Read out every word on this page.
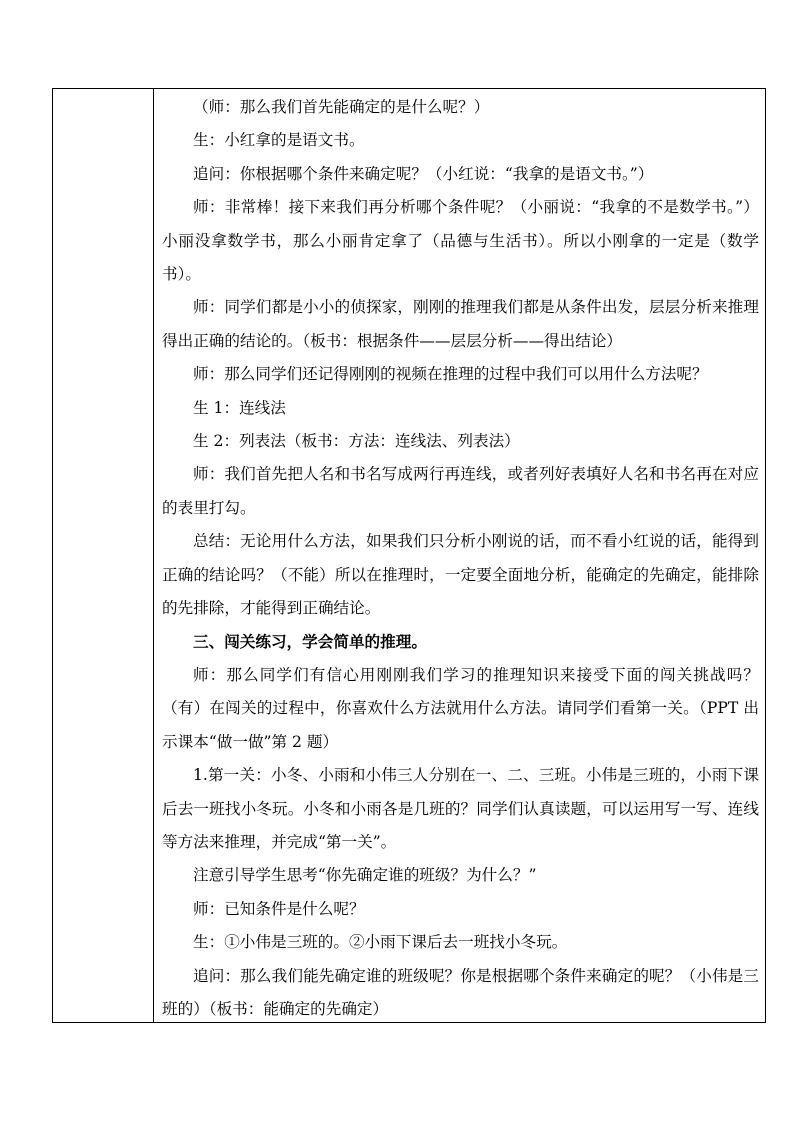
（师：那么我们首先能确定的是什么呢？）

生：小红拿的是语文书。

追问：你根据哪个条件来确定呢？（小红说：“我拿的是语文书。”）

师：非常棒！接下来我们再分析哪个条件呢？（小丽说：“我拿的不是数学书。”）小丽没拿数学书，那么小丽肯定拿了（品德与生活书）。所以小刚拿的一定是（数学书）。

师：同学们都是小小的侦探家，刚刚的推理我们都是从条件出发，层层分析来推理得出正确的结论的。（板书：根据条件——层层分析——得出结论）

师：那么同学们还记得刚刚的视频在推理的过程中我们可以用什么方法呢？

生 1：连线法

生 2：列表法（板书：方法：连线法、列表法）

师：我们首先把人名和书名写成两行再连线，或者列好表填好人名和书名再在对应的表里打勾。

总结：无论用什么方法，如果我们只分析小刚说的话，而不看小红说的话，能得到正确的结论吗？（不能）所以在推理时，一定要全面地分析，能确定的先确定，能排除的先排除，才能得到正确结论。

三、闯关练习，学会简单的推理。

师：那么同学们有信心用刚刚我们学习的推理知识来接受下面的闯关挑战吗？（有）在闯关的过程中，你喜欢什么方法就用什么方法。请同学们看第一关。（PPT 出示课本“做一做”第 2 题）

1.第一关：小冬、小雨和小伟三人分别在一、二、三班。小伟是三班的，小雨下课后去一班找小冬玩。小冬和小雨各是几班的？同学们认真读题，可以运用写一写、连线等方法来推理，并完成“第一关”。

注意引导学生思考“你先确定谁的班级？为什么？”

师：已知条件是什么呢？

生：①小伟是三班的。②小雨下课后去一班找小冬玩。

追问：那么我们能先确定谁的班级呢？你是根据哪个条件来确定的呢？（小伟是三班的）（板书：能确定的先确定）
